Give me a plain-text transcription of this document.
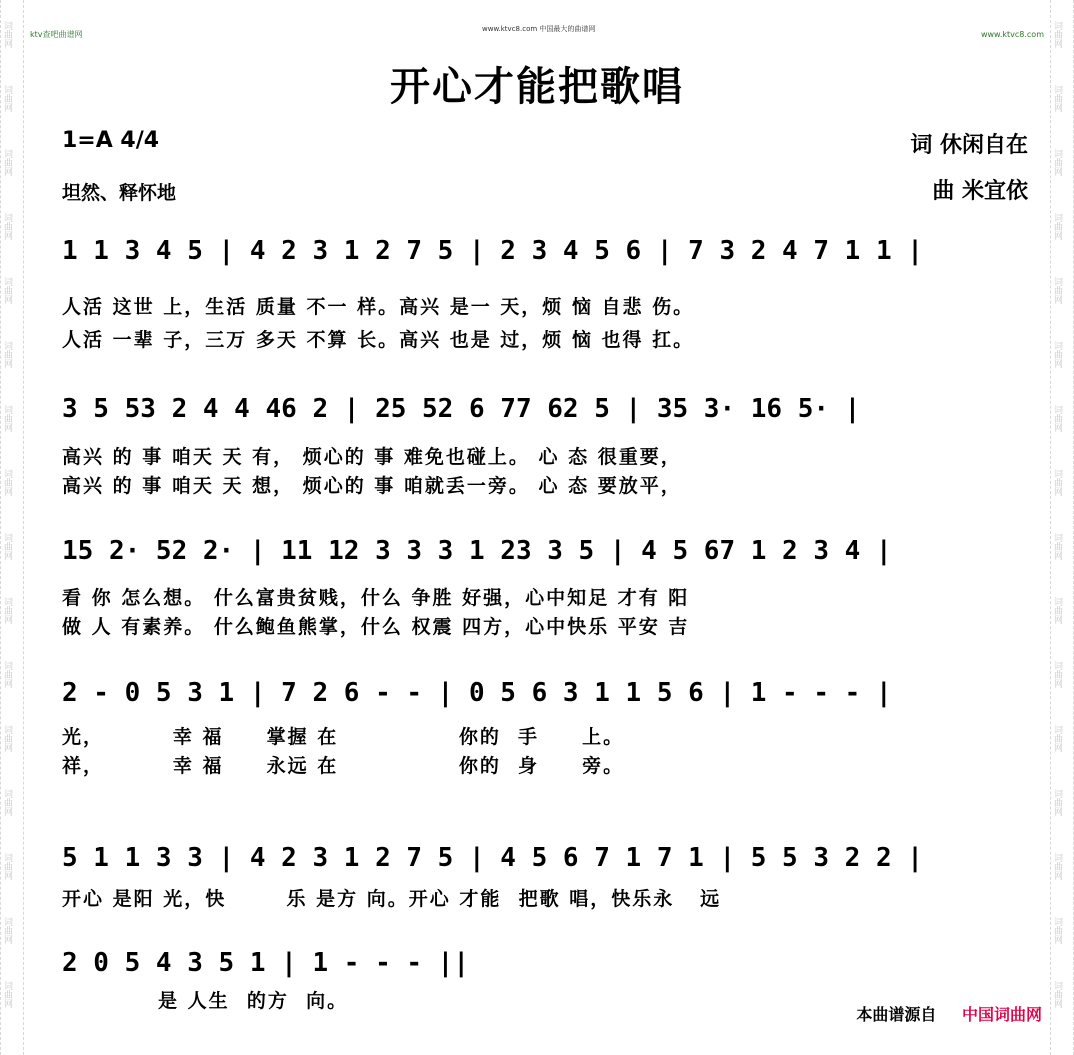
词曲网
词曲网
词曲网
词曲网
词曲网
词曲网
词曲网
词曲网
词曲网
词曲网
词曲网
词曲网
词曲网
词曲网
词曲网
词曲网
词曲网
词曲网
词曲网
词曲网
词曲网
词曲网
词曲网
词曲网
词曲网
词曲网
词曲网
词曲网
词曲网
词曲网
词曲网
词曲网
ktv查吧曲谱网
www.ktvc8.com 中国最大的曲谱网
www.ktvc8.com
开心才能把歌唱
1=A 4/4	词 休闲自在
坦然、释怀地	曲 米宜依
1 1 3 4 5 | 4 2 3 1 2 7 5 | 2 3 4 5 6 | 7 3 2 4 7 1 1 |
人活 这世 上，生活 质量 不一 样。高兴 是一 天，烦 恼 自悲 伤。
人活 一辈 子，三万 多天 不算 长。高兴 也是 过，烦 恼 也得 扛。
3 5 53 2 4 4 46 2 | 25 52 6 77 62 5 | 35 3· 16 5· |
高兴 的 事 咱天 天 有， 烦心的 事 难免也碰上。 心 态 很重要，
高兴 的 事 咱天 天 想， 烦心的 事 咱就丢一旁。 心 态 要放平，
15 2· 52 2· | 11 12 3 3 3 1 23 3 5 | 4 5 67 1 2 3 4 |
看 你 怎么想。 什么富贵贫贱，什么 争胜 好强，心中知足 才有 阳
做 人 有素养。 什么鲍鱼熊掌，什么 权震 四方，心中快乐 平安 吉
2 - 0 5 3 1 | 7 2 6 - - | 0 5 6 3 1 1 5 6 | 1 - - - |
光，        幸 福     掌握 在              你的  手     上。
祥，        幸 福     永远 在              你的  身     旁。
5 1 1 3 3 | 4 2 3 1 2 7 5 | 4 5 6 7 1 7 1 | 5 5 3 2 2 |
开心 是阳 光，快       乐 是方 向。开心 才能  把歌 唱，快乐永   远
2 0 5 4 3 5 1 | 1 - - - ||
是 人生  的方  向。
本曲谱源自 中国词曲网
